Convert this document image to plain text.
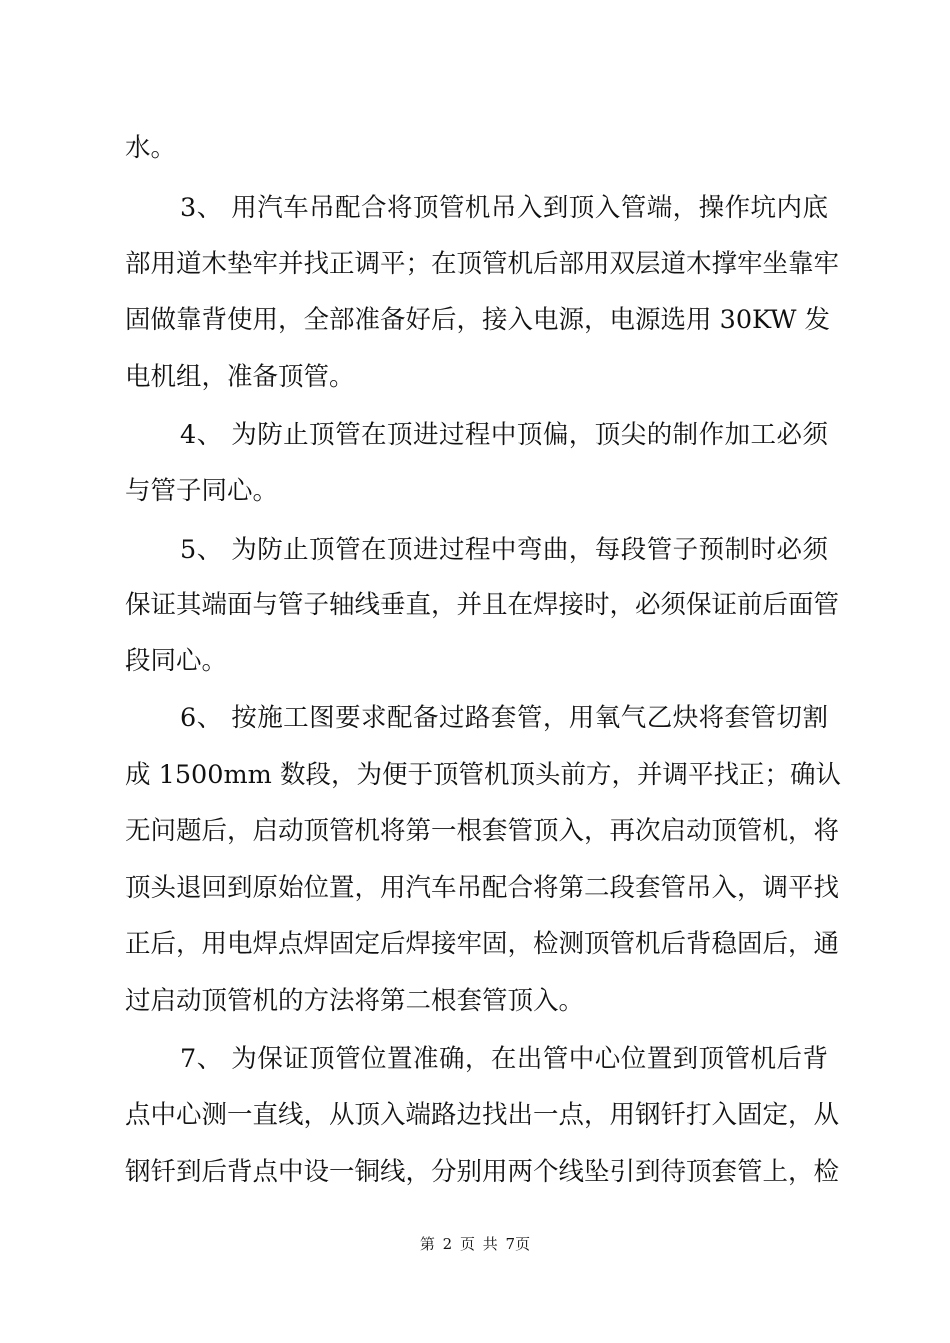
水。
3、 用汽车吊配合将顶管机吊入到顶入管端，操作坑内底
部用道木垫牢并找正调平；在顶管机后部用双层道木撑牢坐靠牢
固做靠背使用，全部准备好后，接入电源，电源选用 30KW 发
电机组，准备顶管。
4、 为防止顶管在顶进过程中顶偏，顶尖的制作加工必须
与管子同心。
5、 为防止顶管在顶进过程中弯曲，每段管子预制时必须
保证其端面与管子轴线垂直，并且在焊接时，必须保证前后面管
段同心。
6、 按施工图要求配备过路套管，用氧气乙炔将套管切割
成 1500mm 数段，为便于顶管机顶头前方，并调平找正；确认
无问题后，启动顶管机将第一根套管顶入，再次启动顶管机，将
顶头退回到原始位置，用汽车吊配合将第二段套管吊入，调平找
正后，用电焊点焊固定后焊接牢固，检测顶管机后背稳固后，通
过启动顶管机的方法将第二根套管顶入。
7、 为保证顶管位置准确，在出管中心位置到顶管机后背
点中心测一直线，从顶入端路边找出一点，用钢钎打入固定，从
钢钎到后背点中设一铜线，分别用两个线坠引到待顶套管上，检
第 2 页 共 7页
